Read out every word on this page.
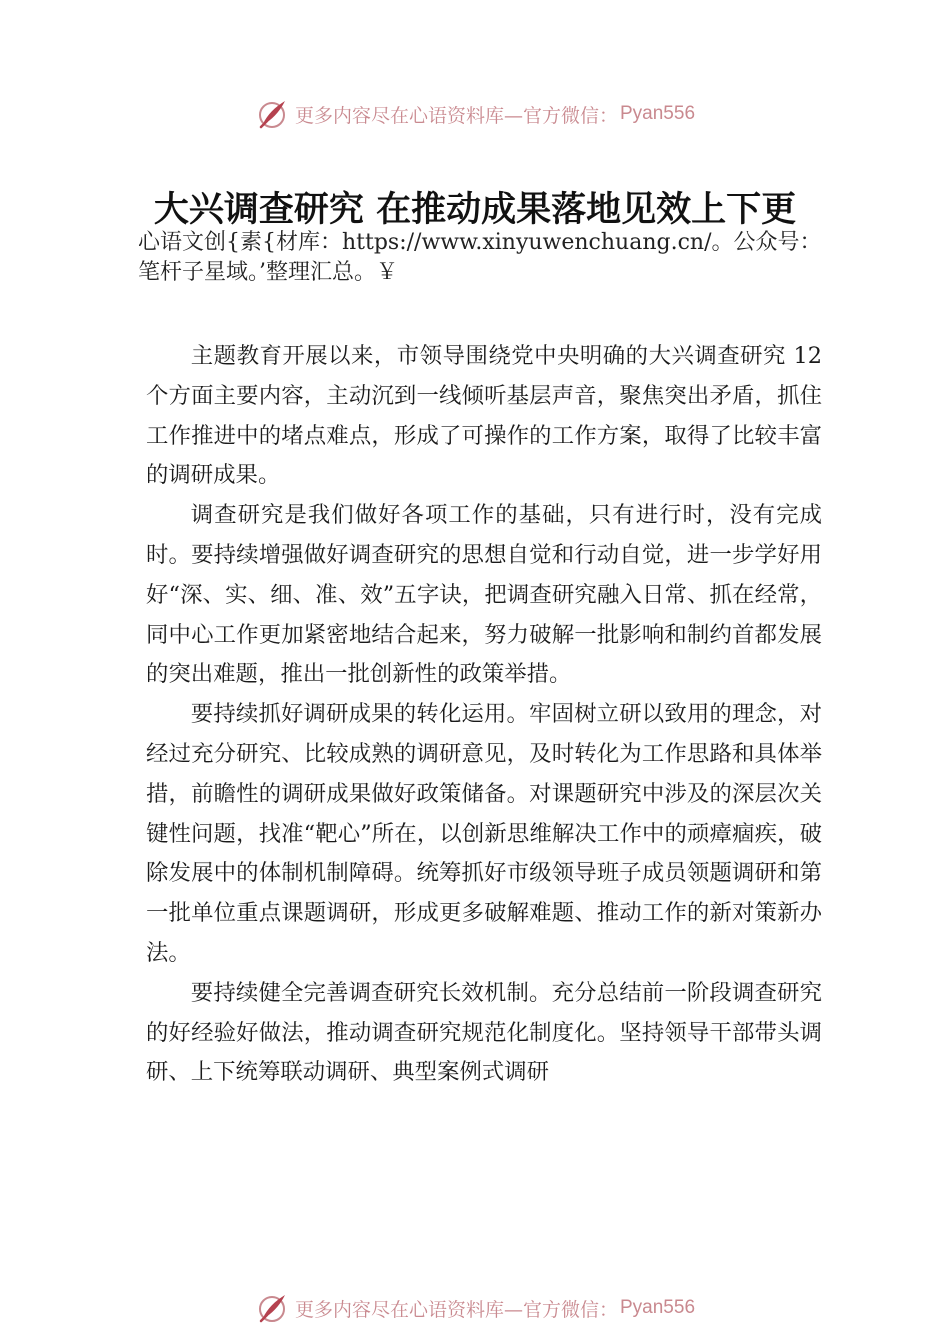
更多内容尽在心语资料库—官方微信： Pyan556
大兴调查研究 在推动成果落地见效上下更
心语文创{素{材库：https://www.xinyuwenchuang.cn/。公众号：笔杆子星域。’整理汇总。￥

主题教育开展以来，市领导围绕党中央明确的大兴调查研究 12 个方面主要内容，主动沉到一线倾听基层声音，聚焦突出矛盾，抓住工作推进中的堵点难点，形成了可操作的工作方案，取得了比较丰富的调研成果。

调查研究是我们做好各项工作的基础，只有进行时，没有完成时。要持续增强做好调查研究的思想自觉和行动自觉，进一步学好用好“深、实、细、准、效”五字诀，把调查研究融入日常、抓在经常，同中心工作更加紧密地结合起来，努力破解一批影响和制约首都发展的突出难题，推出一批创新性的政策举措。

要持续抓好调研成果的转化运用。牢固树立研以致用的理念，对经过充分研究、比较成熟的调研意见，及时转化为工作思路和具体举措，前瞻性的调研成果做好政策储备。对课题研究中涉及的深层次关键性问题，找准“靶心”所在，以创新思维解决工作中的顽瘴痼疾，破除发展中的体制机制障碍。统筹抓好市级领导班子成员领题调研和第一批单位重点课题调研，形成更多破解难题、推动工作的新对策新办法。

要持续健全完善调查研究长效机制。充分总结前一阶段调查研究的好经验好做法，推动调查研究规范化制度化。坚持领导干部带头调研、上下统筹联动调研、典型案例式调研

更多内容尽在心语资料库—官方微信： Pyan556
